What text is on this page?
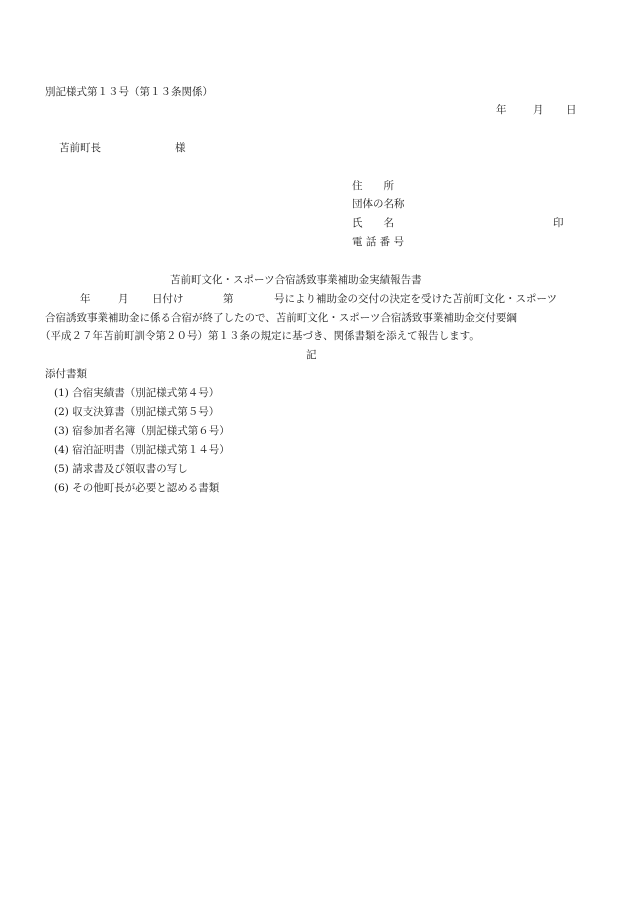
別記様式第１３号（第１３条関係）
年	月 日
苫前町長	様
住　　所
団体の名称
氏　　名	印
電 話 番 号
苫前町文化・スポーツ合宿誘致事業補助金実績報告書
年	月 日付け	第	号により補助金の交付の決定を受けた苫前町文化・スポーツ
合宿誘致事業補助金に係る合宿が終了したので、苫前町文化・スポーツ合宿誘致事業補助金交付要綱
（平成２７年苫前町訓令第２０号）第１３条の規定に基づき、関係書類を添えて報告します。
記
添付書類
(1) 合宿実績書（別記様式第４号）
(2) 収支決算書（別記様式第５号）
(3) 宿参加者名簿（別記様式第６号）
(4) 宿泊証明書（別記様式第１４号）
(5) 請求書及び領収書の写し
(6) その他町長が必要と認める書類
